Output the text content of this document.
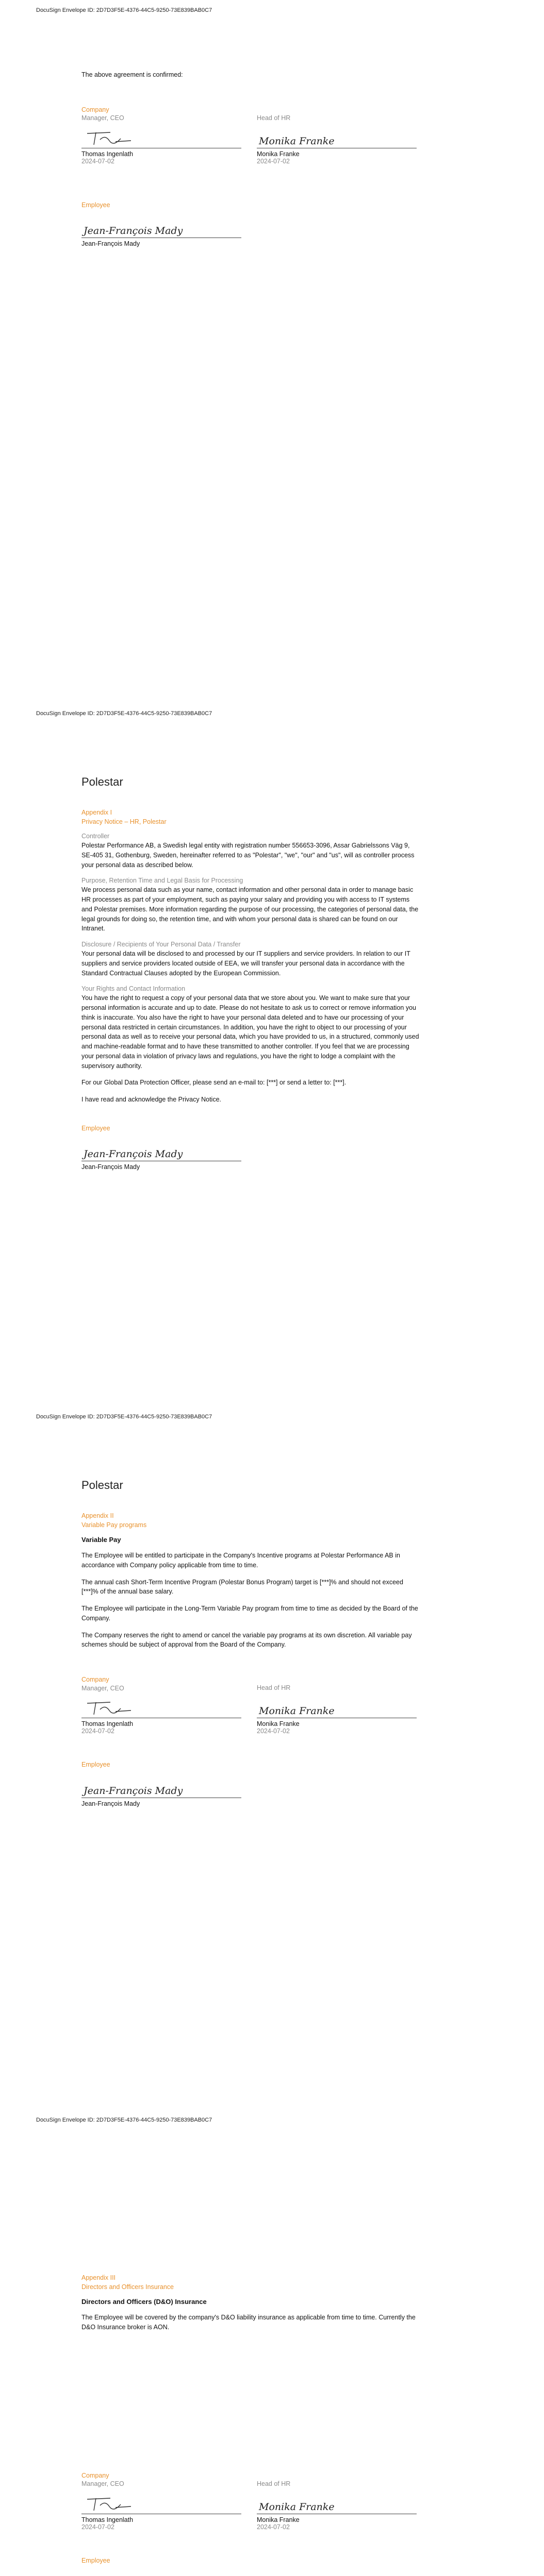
DocuSign Envelope ID: 2D7D3F5E-4376-44C5-9250-73E839BAB0C7

The above agreement is confirmed:

Company
Manager, CEO
Thomas Ingenlath
2024-07-02
Head of HR
Monika Franke
Monika Franke
2024-07-02
Employee
Jean-François Mady
Jean-François Mady
DocuSign Envelope ID: 2D7D3F5E-4376-44C5-9250-73E839BAB0C7
Polestar
Appendix I
Privacy Notice – HR, Polestar
Controller

Polestar Performance AB, a Swedish legal entity with registration number 556653-3096, Assar Gabrielssons Väg 9, SE-405 31, Gothenburg, Sweden, hereinafter referred to as "Polestar", "we", "our" and "us", will as controller process your personal data as described below.

Purpose, Retention Time and Legal Basis for Processing

We process personal data such as your name, contact information and other personal data in order to manage basic HR processes as part of your employment, such as paying your salary and providing you with access to IT systems and Polestar premises. More information regarding the purpose of our processing, the categories of personal data, the legal grounds for doing so, the retention time, and with whom your personal data is shared can be found on our Intranet.

Disclosure / Recipients of Your Personal Data / Transfer

Your personal data will be disclosed to and processed by our IT suppliers and service providers. In relation to our IT suppliers and service providers located outside of EEA, we will transfer your personal data in accordance with the Standard Contractual Clauses adopted by the European Commission.

Your Rights and Contact Information

You have the right to request a copy of your personal data that we store about you. We want to make sure that your personal information is accurate and up to date. Please do not hesitate to ask us to correct or remove information you think is inaccurate. You also have the right to have your personal data deleted and to have our processing of your personal data restricted in certain circumstances. In addition, you have the right to object to our processing of your personal data as well as to receive your personal data, which you have provided to us, in a structured, commonly used and machine-readable format and to have these transmitted to another controller. If you feel that we are processing your personal data in violation of privacy laws and regulations, you have the right to lodge a complaint with the supervisory authority.

For our Global Data Protection Officer, please send an e-mail to: [***] or send a letter to: [***].

I have read and acknowledge the Privacy Notice.

Employee
Jean-François Mady
Jean-François Mady
DocuSign Envelope ID: 2D7D3F5E-4376-44C5-9250-73E839BAB0C7
Polestar
Appendix II
Variable Pay programs

Variable Pay

The Employee will be entitled to participate in the Company's Incentive programs at Polestar Performance AB in accordance with Company policy applicable from time to time.

The annual cash Short-Term Incentive Program (Polestar Bonus Program) target is [***]% and should not exceed [***]% of the annual base salary.

The Employee will participate in the Long-Term Variable Pay program from time to time as decided by the Board of the Company.

The Company reserves the right to amend or cancel the variable pay programs at its own discretion. All variable pay schemes should be subject of approval from the Board of the Company.

Company
Manager, CEO
Thomas Ingenlath
2024-07-02
Head of HR
Monika Franke
Monika Franke
2024-07-02
Employee
Jean-François Mady
Jean-François Mady
DocuSign Envelope ID: 2D7D3F5E-4376-44C5-9250-73E839BAB0C7
Appendix III
Directors and Officers Insurance

Directors and Officers (D&O) Insurance

The Employee will be covered by the company's D&O liability insurance as applicable from time to time. Currently the D&O Insurance broker is AON.

Company
Manager, CEO
Thomas Ingenlath
2024-07-02
Head of HR
Monika Franke
Monika Franke
2024-07-02
Employee
